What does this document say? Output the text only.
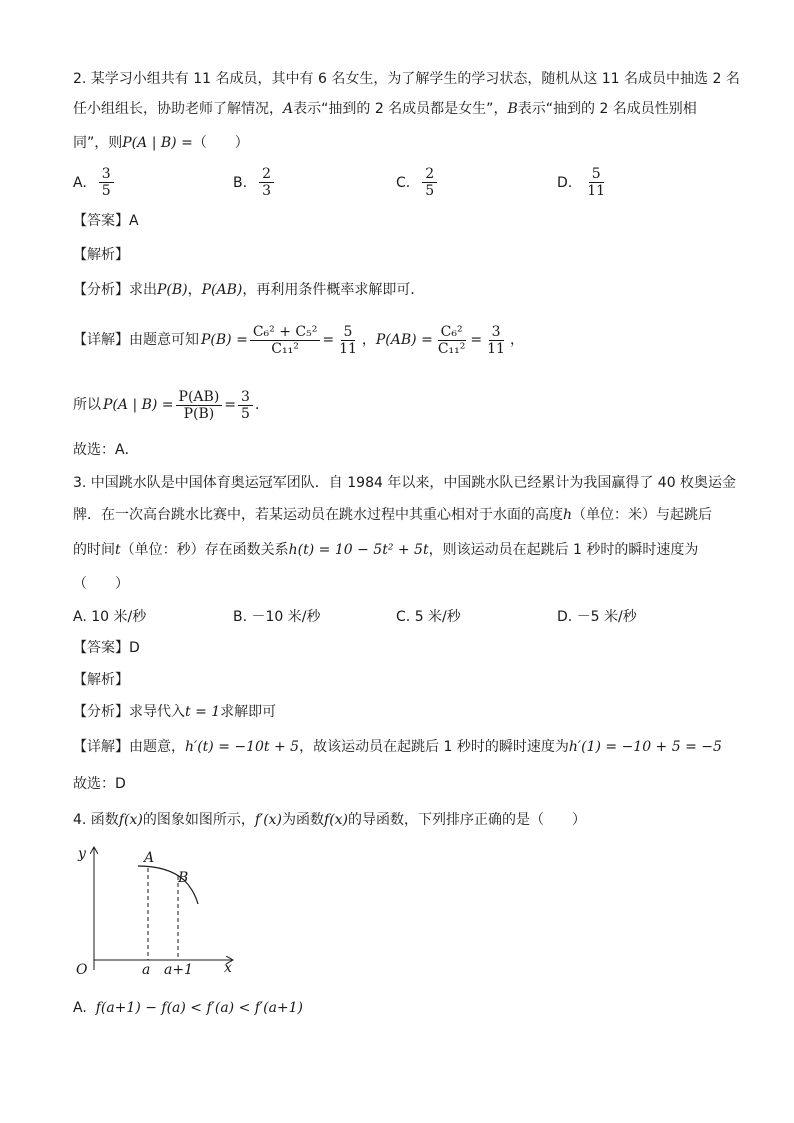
2. 某学习小组共有 11 名成员，其中有 6 名女生，为了解学生的学习状态，随机从这 11 名成员中抽选 2 名
任小组组长，协助老师了解情况，A表示“抽到的 2 名成员都是女生”，B表示“抽到的 2 名成员性别相
同”，则P(A | B) =（　　）
A. $\frac{3}{5}$	B. $\frac{2}{3}$	C. $\frac{2}{5}$	D. $\frac{5}{11}$
【答案】A
【解析】
【分析】求出P(B)，P(AB)，再利用条件概率求解即可．
【详解】由题意可知 $P(B) = \frac{\text{C₆² + C₅²}}{\text{C₁₁²}} = \frac{5}{11}$ ， $P(AB) = \frac{\text{C₆²}}{\text{C₁₁²}} = \frac{3}{11}$ ，
所以 P(A | $B) = \frac{P(AB)}{P(B)} = \frac{3}{5}$ ．
故选：A．
3. 中国跳水队是中国体育奥运冠军团队．自 1984 年以来，中国跳水队已经累计为我国赢得了 40 枚奥运金
牌．在一次高台跳水比赛中，若某运动员在跳水过程中其重心相对于水面的高度h（单位：米）与起跳后
的时间t（单位：秒）存在函数关系h(t) = 10 − 5t² + 5t，则该运动员在起跳后 1 秒时的瞬时速度为
（　　）
A. 10 米/秒	B. －10 米/秒	C. 5 米/秒	D. －5 米/秒
【答案】D
【解析】
【分析】求导代入t = 1求解即可
【详解】由题意，h′(t) = −10t + 5，故该运动员在起跳后 1 秒时的瞬时速度为h′(1) = −10 + 5 = −5
故选：D
4. 函数f(x)的图象如图所示，f′(x)为函数f(x)的导函数，下列排序正确的是（　　）
y
x
O
A
B
a a+1
A. f(a+1) − f(a) < f′(a) < f′(a+1)
